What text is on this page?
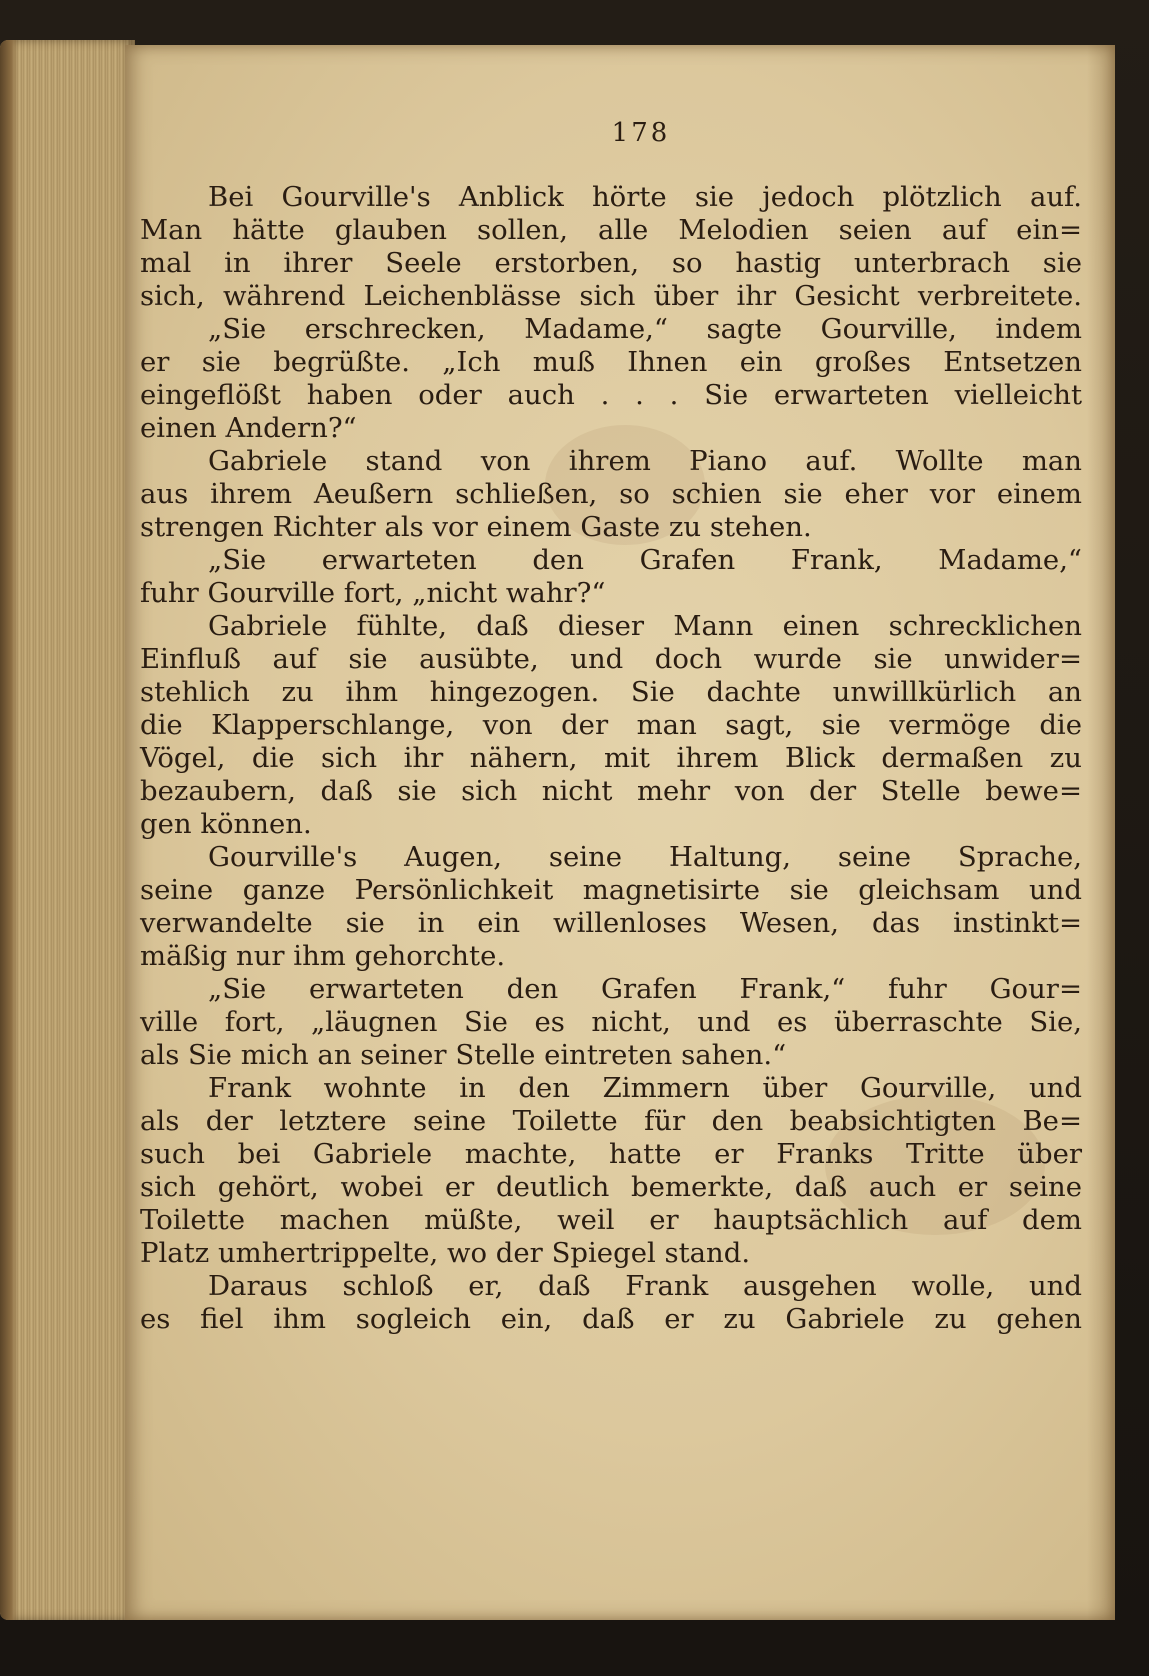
178
Bei Gourville's Anblick hörte sie jedoch plötzlich auf.
Man hätte glauben sollen, alle Melodien seien auf ein=
mal in ihrer Seele erstorben, so hastig unterbrach sie
sich, während Leichenblässe sich über ihr Gesicht verbreitete.
„Sie erschrecken, Madame,“ sagte Gourville, indem
er sie begrüßte. „Ich muß Ihnen ein großes Entsetzen
eingeflößt haben oder auch . . . Sie erwarteten vielleicht
einen Andern?“
Gabriele stand von ihrem Piano auf. Wollte man
aus ihrem Aeußern schließen, so schien sie eher vor einem
strengen Richter als vor einem Gaste zu stehen.
„Sie erwarteten den Grafen Frank, Madame,“
fuhr Gourville fort, „nicht wahr?“
Gabriele fühlte, daß dieser Mann einen schrecklichen
Einfluß auf sie ausübte, und doch wurde sie unwider=
stehlich zu ihm hingezogen. Sie dachte unwillkürlich an
die Klapperschlange, von der man sagt, sie vermöge die
Vögel, die sich ihr nähern, mit ihrem Blick dermaßen zu
bezaubern, daß sie sich nicht mehr von der Stelle bewe=
gen können.
Gourville's Augen, seine Haltung, seine Sprache,
seine ganze Persönlichkeit magnetisirte sie gleichsam und
verwandelte sie in ein willenloses Wesen, das instinkt=
mäßig nur ihm gehorchte.
„Sie erwarteten den Grafen Frank,“ fuhr Gour=
ville fort, „läugnen Sie es nicht, und es überraschte Sie,
als Sie mich an seiner Stelle eintreten sahen.“
Frank wohnte in den Zimmern über Gourville, und
als der letztere seine Toilette für den beabsichtigten Be=
such bei Gabriele machte, hatte er Franks Tritte über
sich gehört, wobei er deutlich bemerkte, daß auch er seine
Toilette machen müßte, weil er hauptsächlich auf dem
Platz umhertrippelte, wo der Spiegel stand.
Daraus schloß er, daß Frank ausgehen wolle, und
es fiel ihm sogleich ein, daß er zu Gabriele zu gehen
